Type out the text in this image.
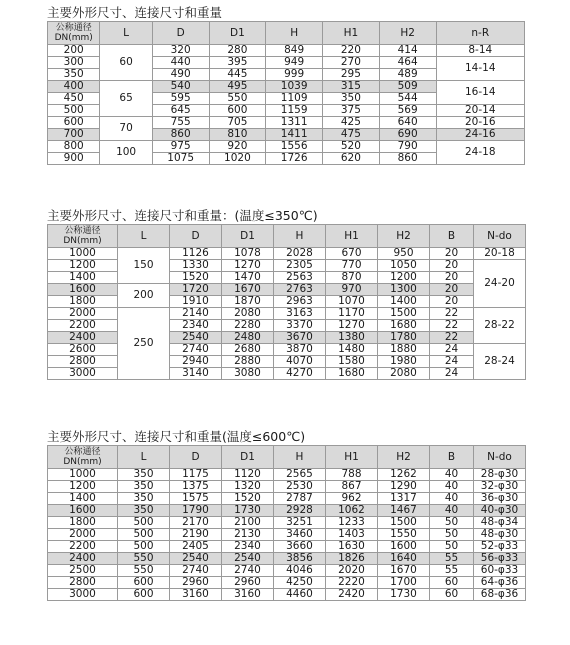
主要外形尺寸、连接尺寸和重量
公称通径 DN(mm)	L	D	D1	H	H1	H2	n-R
200	60	320	280	849	220	414	8-14
300		440	395	949	270	464	14-14
350		490	445	999	295	489	
400	65	540	495	1039	315	509	16-14
450		595	550	1109	350	544	
500		645	600	1159	375	569	20-14
600	70	755	705	1311	425	640	20-16
700		860	810	1411	475	690	24-16
800	100	975	920	1556	520	790	24-18
900		1075	1020	1726	620	860	
主要外形尺寸、连接尺寸和重量：(温度≤350℃)
公称通径 DN(mm)	L	D	D1	H	H1	H2	B	N-do
1000	150	1126	1078	2028	670	950	20	20-18
1200		1330	1270	2305	770	1050	20	24-20
1400		1520	1470	2563	870	1200	20	
1600	200	1720	1670	2763	970	1300	20	
1800		1910	1870	2963	1070	1400	20	
2000	250	2140	2080	3163	1170	1500	22	28-22
2200		2340	2280	3370	1270	1680	22	
2400		2540	2480	3670	1380	1780	22	
2600		2740	2680	3870	1480	1880	24	28-24
2800		2940	2880	4070	1580	1980	24	
3000		3140	3080	4270	1680	2080	24	
主要外形尺寸、连接尺寸和重量(温度≤600℃)
公称通径 DN(mm)	L	D	D1	H	H1	H2	B	N-do
1000	350	1175	1120	2565	788	1262	40	28-φ30
1200	350	1375	1320	2530	867	1290	40	32-φ30
1400	350	1575	1520	2787	962	1317	40	36-φ30
1600	350	1790	1730	2928	1062	1467	40	40-φ30
1800	500	2170	2100	3251	1233	1500	50	48-φ34
2000	500	2190	2130	3460	1403	1550	50	48-φ30
2200	500	2405	2340	3660	1630	1600	50	52-φ33
2400	550	2540	2540	3856	1826	1640	55	56-φ33
2500	550	2740	2740	4046	2020	1670	55	60-φ33
2800	600	2960	2960	4250	2220	1700	60	64-φ36
3000	600	3160	3160	4460	2420	1730	60	68-φ36
